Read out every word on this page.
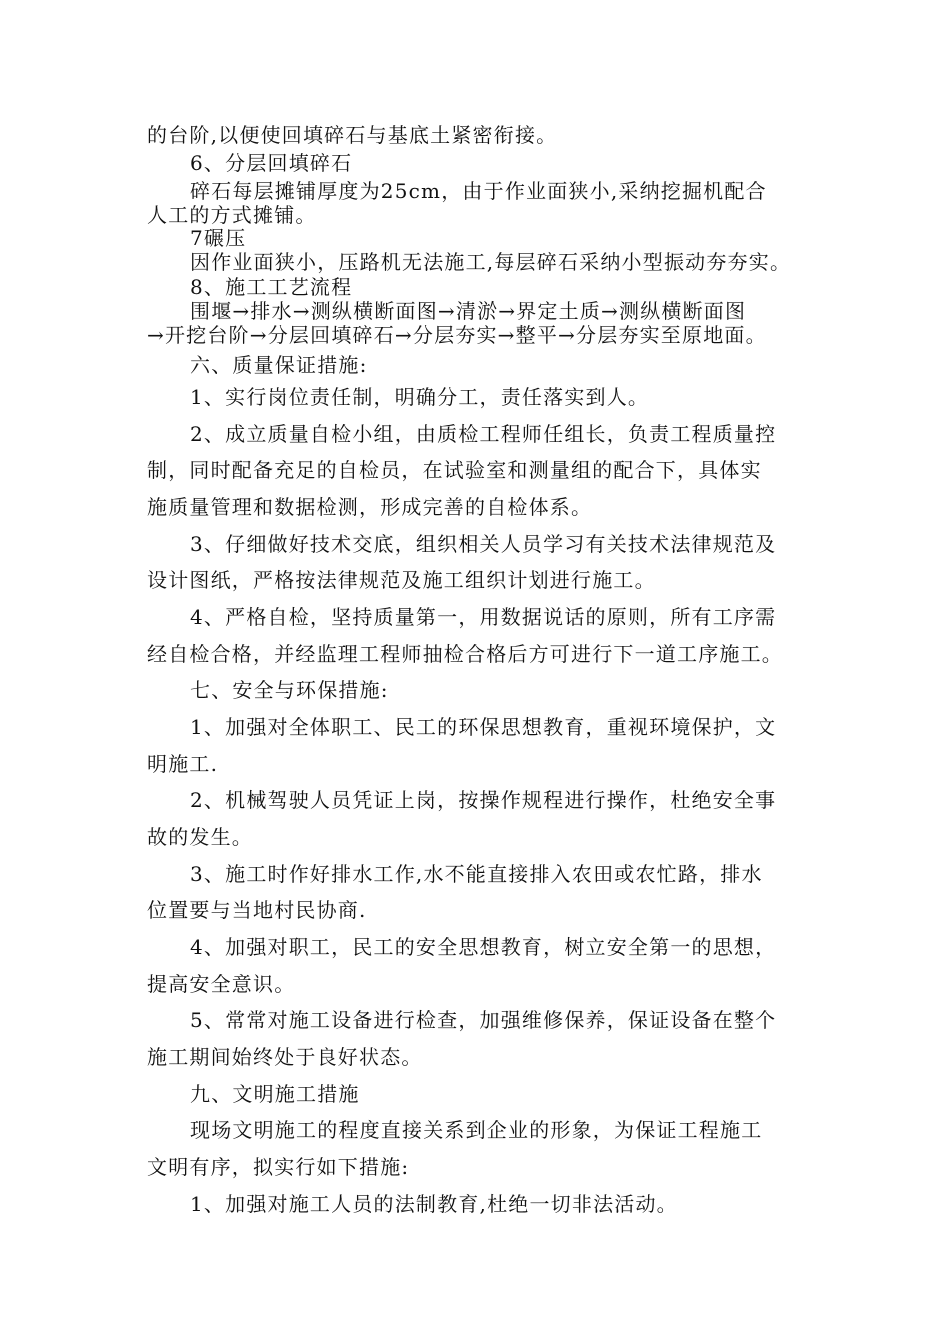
的台阶,以便使回填碎石与基底土紧密衔接。
6、分层回填碎石
碎石每层摊铺厚度为25cm，由于作业面狭小,采纳挖掘机配合
人工的方式摊铺。
7碾压
因作业面狭小，压路机无法施工,每层碎石采纳小型振动夯夯实。
8、施工工艺流程
围堰→排水→测纵横断面图→清淤→界定土质→测纵横断面图
→开挖台阶→分层回填碎石→分层夯实→整平→分层夯实至原地面。
六、质量保证措施:
1、实行岗位责任制，明确分工，责任落实到人。
2、成立质量自检小组，由质检工程师任组长，负责工程质量控
制，同时配备充足的自检员，在试验室和测量组的配合下，具体实
施质量管理和数据检测，形成完善的自检体系。
3、仔细做好技术交底，组织相关人员学习有关技术法律规范及
设计图纸，严格按法律规范及施工组织计划进行施工。
4、严格自检，坚持质量第一，用数据说话的原则，所有工序需
经自检合格，并经监理工程师抽检合格后方可进行下一道工序施工。
七、安全与环保措施:
1、加强对全体职工、民工的环保思想教育，重视环境保护，文
明施工.
2、机械驾驶人员凭证上岗，按操作规程进行操作，杜绝安全事
故的发生。
3、施工时作好排水工作,水不能直接排入农田或农忙路，排水
位置要与当地村民协商.
4、加强对职工，民工的安全思想教育，树立安全第一的思想，
提高安全意识。
5、常常对施工设备进行检查，加强维修保养，保证设备在整个
施工期间始终处于良好状态。
九、文明施工措施
现场文明施工的程度直接关系到企业的形象，为保证工程施工
文明有序，拟实行如下措施:
1、加强对施工人员的法制教育,杜绝一切非法活动。
